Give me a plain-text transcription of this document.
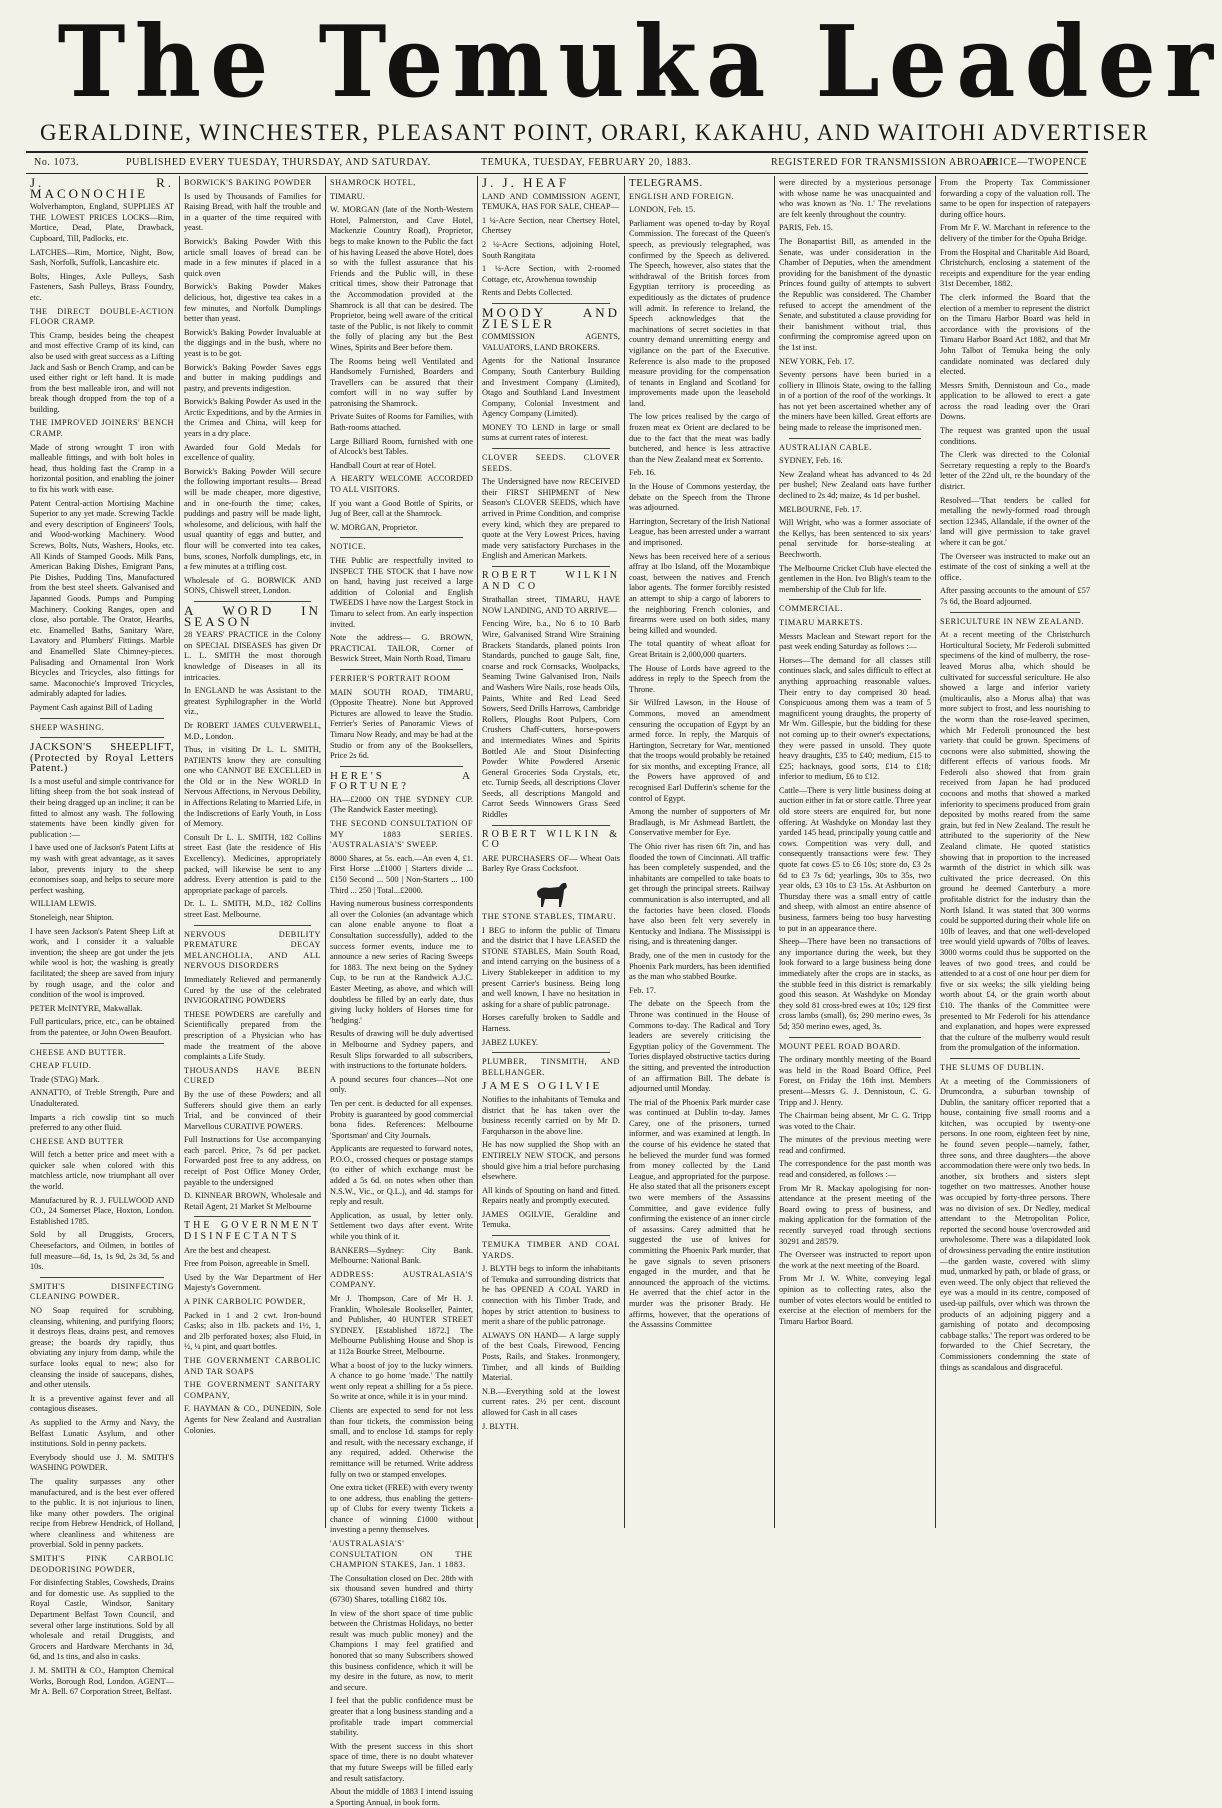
The Temuka Leader
GERALDINE, WINCHESTER, PLEASANT POINT, ORARI, KAKAHU, AND WAITOHI ADVERTISER
No. 1073.	PUBLISHED EVERY TUESDAY, THURSDAY, AND SATURDAY.	TEMUKA, TUESDAY, FEBRUARY 20, 1883.	REGISTERED FOR TRANSMISSION ABROAD.
PRICE—TWOPENCE

J. R. MACONOCHIE

Wolverhampton, England, SUPPLIES AT THE LOWEST PRICES LOCKS—Rim, Mortice, Dead, Plate, Drawback, Cupboard, Till, Padlocks, etc.

LATCHES—Rim, Mortice, Night, Bow, Sash, Norfolk, Suffolk, Lancashire etc.

Bolts, Hinges, Axle Pulleys, Sash Fasteners, Sash Pulleys, Brass Foundry, etc.

THE DIRECT DOUBLE-ACTION FLOOR CRAMP.

This Cramp, besides being the cheapest and most effective Cramp of its kind, can also be used with great success as a Lifting Jack and Sash or Bench Cramp, and can be used either right or left hand. It is made from the best malleable iron, and will not break though dropped from the top of a building.

THE IMPROVED JOINERS' BENCH CRAMP.

Made of strong wrought T iron with malleable fittings, and with bolt holes in head, thus holding fast the Cramp in a horizontal position, and enabling the joiner to fix his work with ease.

Patent Central-action Mortising Machine Superior to any yet made. Screwing Tackle and every description of Engineers' Tools, and Wood-working Machinery. Wood Screws, Bolts, Nuts, Washers, Hooks, etc. All Kinds of Stamped Goods. Milk Pans, American Baking Dishes, Emigrant Pans, Pie Dishes, Pudding Tins, Manufactured from the best steel sheets. Galvanised and Japanned Goods. Pumps and Pumping Machinery. Cooking Ranges, open and close, also portable. The Orator, Hearths, etc. Enamelled Baths, Sanitary Ware, Lavatory and Plumbers' Fittings. Marble and Enamelled Slate Chimney-pieces. Palisading and Ornamental Iron Work Bicycles and Tricycles, also fittings for same. Maconochie's Improved Tricycles, admirably adapted for ladies.

Payment Cash against Bill of Lading

SHEEP WASHING.

JACKSON'S SHEEPLIFT, (Protected by Royal Letters Patent.)

Is a most useful and simple contrivance for lifting sheep from the hot soak instead of their being dragged up an incline; it can be fitted to almost any wash. The following statements have been kindly given for publication :—

I have used one of Jackson's Patent Lifts at my wash with great advantage, as it saves labor, prevents injury to the sheep economises soap, and helps to secure more perfect washing.

WILLIAM LEWIS.

Stoneleigh, near Shipton.

I have seen Jackson's Patent Sheep Lift at work, and I consider it a valuable invention; the sheep are got under the jets while wool is hot; the washing is greatly facilitated; the sheep are saved from injury by rough usage, and the color and condition of the wool is improved.

PETER McINTYRE, Makwallak.

Full particulars, price, etc., can be obtained from the patentee, or John Owen Beaufort.

CHEESE AND BUTTER.

CHEAP FLUID.

Trade (STAG) Mark.

ANNATTO, of Treble Strength, Pure and Unadulterated.

Imparts a rich cowslip tint so much preferred to any other fluid.

CHEESE AND BUTTER

Will fetch a better price and meet with a quicker sale when colored with this matchless article, now triumphant all over the world.

Manufactured by R. J. FULLWOOD AND CO., 24 Somerset Place, Hoxton, London. Established 1785.

Sold by all Druggists, Grocers, Cheesefactors, and Oilmen, in bottles of full measure—6d, 1s, 1s 9d, 2s 3d, 5s and 10s.

SMITH'S DISINFECTING CLEANING POWDER.

NO Soap required for scrubbing, cleansing, whitening, and purifying floors; it destroys fleas, drains pest, and removes grease; the boards dry rapidly, thus obviating any injury from damp, while the surface looks equal to new; also for cleansing the inside of saucepans, dishes, and other utensils.

It is a preventive against fever and all contagious diseases.

As supplied to the Army and Navy, the Belfast Lunatic Asylum, and other institutions. Sold in penny packets.

Everybody should use J. M. SMITH'S WASHING POWDER.

The quality surpasses any other manufactured, and is the best ever offered to the public. It is not injurious to linen, like many other powders. The original recipe from Hebrew Hendrick, of Holland, where cleanliness and whiteness are proverbial. Sold in penny packets.

SMITH'S PINK CARBOLIC DEODORISING POWDER,

For disinfecting Stables, Cowsheds, Drains and for domestic use. As supplied to the Royal Castle, Windsor, Sanitary Department Belfast Town Council, and several other large institutions. Sold by all wholesale and retail Druggists, and Grocers and Hardware Merchants in 3d, 6d, and 1s tins, and also in casks.

J. M. SMITH & CO., Hampton Chemical Works, Borough Rod, London. AGENT—Mr A. Bell. 67 Corporation Street, Belfast.

BORWICK'S BAKING POWDER

Is used by Thousands of Families for Raising Bread, with half the trouble and in a quarter of the time required with yeast.

Borwick's Baking Powder With this article small loaves of bread can be made in a few minutes if placed in a quick oven

Borwick's Baking Powder Makes delicious, hot, digestive tea cakes in a few minutes, and Norfolk Dumplings better than yeast.

Borwick's Baking Powder Invaluable at the diggings and in the bush, where no yeast is to be got.

Borwick's Baking Powder Saves eggs and butter in making puddings and pastry, and prevents indigestion.

Borwick's Baking Powder As used in the Arctic Expeditions, and by the Armies in the Crimea and China, will keep for years in a dry place.

Awarded four Gold Medals for excellence of quality.

Borwick's Baking Powder Will secure the following important results— Bread will be made cheaper, more digestive, and in one-fourth the time; cakes, puddings and pastry will be made light, wholesome, and delicious, with half the usual quantity of eggs and butter, and flour will be converted into tea cakes, buns, scones, Norfolk dumplings, etc, in a few minutes at a trifling cost.

Wholesale of G. BORWICK AND SONS, Chiswell street, London.

A WORD IN SEASON

28 YEARS' PRACTICE in the Colony on SPECIAL DISEASES has given Dr L. L. SMITH the most thorough knowledge of Diseases in all its intricacies.

In ENGLAND he was Assistant to the greatest Syphilographer in the World viz.,

Dr ROBERT JAMES CULVERWELL, M.D., London.

Thus, in visiting Dr L. L. SMITH, PATIENTS know they are consulting one who CANNOT BE EXCELLED in the Old or in the New WORLD In Nervous Affections, in Nervous Debility, in Affections Relating to Married Life, in the Indiscretions of Early Youth, in Loss of Memory.

Consult Dr L. L. SMITH, 182 Collins street East (late the residence of His Excellency). Medicines, appropriately packed, will likewise be sent to any address. Every attention is paid to the appropriate package of parcels.

Dr. L. L. SMITH, M.D., 182 Collins street East. Melbourne.

NERVOUS DEBILITY PREMATURE DECAY MELANCHOLIA, AND ALL NERVOUS DISORDERS

Immediately Relieved and permanently Cured by the use of the celebrated INVIGORATING POWDERS

THESE POWDERS are carefully and Scientifically prepared from the prescription of a Physician who has made the treatment of the above complaints a Life Study.

THOUSANDS HAVE BEEN CURED

By the use of these Powders; and all Sufferers should give them an early Trial, and be convinced of their Marvellous CURATIVE POWERS.

Full Instructions for Use accompanying each parcel. Price, 7s 6d per packet. Forwarded post free to any address, on receipt of Post Office Money Order, payable to the undersigned

D. KINNEAR BROWN, Wholesale and Retail Agent, 21 Market St Melbourne

THE GOVERNMENT DISINFECTANTS

Are the best and cheapest.

Free from Poison, agreeable in Smell.

Used by the War Department of Her Majesty's Government.

A PINK CARBOLIC POWDER,

Packed in 1 and 2 cwt. Iron-bound Casks; also in 1lb. packets and 1½, 1, and 2lb perforated boxes; also Fluid, in ½, ¼ pint, and quart bottles.

THE GOVERNMENT CARBOLIC AND TAR SOAPS

THE GOVERNMENT SANITARY COMPANY,

F. HAYMAN & CO., DUNEDIN, Sole Agents for New Zealand and Australian Colonies.

SHAMROCK HOTEL,

TIMARU.

W. MORGAN (late of the North-Western Hotel, Palmerston, and Cave Hotel, Mackenzie Country Road), Proprietor, begs to make known to the Public the fact of his having Leased the above Hotel, does so with the fullest assurance that his Friends and the Public will, in these critical times, show their Patronage that the Accommodation provided at the Shamrock is all that can be desired. The Proprietor, being well aware of the critical taste of the Public, is not likely to commit the folly of placing any but the Best Wines, Spirits and Beer before them.

The Rooms being well Ventilated and Handsomely Furnished, Boarders and Travellers can be assured that their comfort will in no way suffer by patronising the Shamrock.

Private Suites of Rooms for Families, with Bath-rooms attached.

Large Billiard Room, furnished with one of Alcock's best Tables.

Handball Court at rear of Hotel.

A HEARTY WELCOME ACCORDED TO ALL VISITORS.

If you want a Good Bottle of Spirits, or Jug of Beer, call at the Shamrock.

W. MORGAN, Proprietor.

NOTICE.

THE Public are respectfully invited to INSPECT THE STOCK that I have now on hand, having just received a large addition of Colonial and English TWEEDS I have now the Largest Stock in Timaru to select from. An early inspection invited.

Note the address— G. BROWN, PRACTICAL TAILOR, Corner of Beswick Street, Main North Road, Timaru

FERRIER'S PORTRAIT ROOM

MAIN SOUTH ROAD, TIMARU, (Opposite Theatre). None but Approved Pictures are allowed to leave the Studio. Ferrier's Series of Panoramic Views of Timaru Now Ready, and may be had at the Studio or from any of the Booksellers, Price 2s 6d.

HERE'S A FORTUNE?

HA—£2000 ON THE SYDNEY CUP. (The Randwick Easter meeting).

THE SECOND CONSULTATION OF MY 1883 SERIES. 'AUSTRALASIA'S' SWEEP.

8000 Shares, at 5s. each.—An even 4, £1. First Horse ...£1000 | Starters divide ...£150 Second ... 500 | Non-Starters ... 100 Third ... 250 | Total...£2000.

Having numerous business correspondents all over the Colonies (an advantage which can alone enable anyone to float a Consultation successfully), added to the success former events, induce me to announce a new series of Racing Sweeps for 1883. The next being on the Sydney Cup, to be run at the Randwick A.J.C. Easter Meeting, as above, and which will doubtless be filled by an early date, thus giving lucky holders of Horses time for 'hedging.'

Results of drawing will be duly advertised in Melbourne and Sydney papers, and Result Slips forwarded to all subscribers, with instructions to the fortunate holders.

A pound secures four chances—Not one only.

Ten per cent. is deducted for all expenses. Probity is guaranteed by good commercial bona fides. References: Melbourne 'Sportsman' and City Journals.

Applicants are requested to forward notes, P.O.O., crossed cheques or postage stamps (to either of which exchange must be added a 5s 6d. on notes when other than N.S.W., Vic., or Q.L.), and 4d. stamps for reply and result.

Application, as usual, by letter only. Settlement two days after event. Write while you think of it.

BANKERS—Sydney: City Bank. Melbourne: National Bank.

ADDRESS: AUSTRALASIA'S COMPANY.

Mr J. Thompson, Care of Mr H. J. Franklin, Wholesale Bookseller, Painter, and Publisher, 40 HUNTER STREET SYDNEY. [Established 1872.] The Melbourne Publishing House and Shop is at 112a Bourke Street, Melbourne.

What a boost of joy to the lucky winners. A chance to go home 'made.' The nattily went only repeat a shilling for a 5s piece. So write at once, while it is in your mind.

Clients are expected to send for not less than four tickets, the commission being small, and to enclose 1d. stamps for reply and result, with the necessary exchange, if any required, added. Otherwise the remittance will be returned. Write address fully on two or stamped envelopes.

One extra ticket (FREE) with every twenty to one address, thus enabling the getters-up of Clubs for every twenty Tickets a chance of winning £1000 without investing a penny themselves.

'AUSTRALASIA'S' CONSULTATION ON THE CHAMPION STAKES, Jan. 1 1883.

The Consultation closed on Dec. 28th with six thousand seven hundred and thirty (6730) Shares, totalling £1682 10s.

In view of the short space of time public between the Christmas Holidays, no better result was much public money) and the Champions I may feel gratified and honored that so many Subscribers showed this business confidence, which it will be my desire in the future, as now, to merit and secure.

I feel that the public confidence must be greater that a long business standing and a profitable trade impart commercial stability.

With the present success in this short space of time, there is no doubt whatever that my future Sweeps will be filled early and result satisfactory.

About the middle of 1883 I intend issuing a Sporting Annual, in book form.

J. J. HEAF

LAND AND COMMISSION AGENT, TEMUKA, HAS FOR SALE, CHEAP—

1 ¼-Acre Section, near Chertsey Hotel, Chertsey

2 ¼-Acre Sections, adjoining Hotel, South Rangitata

1 ¼-Acre Section, with 2-roomed Cottage, etc, Arowhenua township

Rents and Debts Collected.

MOODY AND ZIESLER

COMMISSION AGENTS, VALUATORS, LAND BROKERS.

Agents for the National Insurance Company, South Canterbury Building and Investment Company (Limited), Otago and Southland Land Investment Company, Colonial Investment and Agency Company (Limited).

MONEY TO LEND in large or small sums at current rates of interest.

CLOVER SEEDS. CLOVER SEEDS.

The Undersigned have now RECEIVED their FIRST SHIPMENT of New Season's CLOVER SEEDS, which have arrived in Prime Condition, and comprise every kind, which they are prepared to quote at the Very Lowest Prices, having made very satisfactory Purchases in the English and American Markets.

ROBERT WILKIN AND CO

Strathallan street, TIMARU, HAVE NOW LANDING, AND TO ARRIVE—

Fencing Wire, b.a., No 6 to 10 Barb Wire, Galvanised Strand Wire Straining Brackets Standards, planed points Iron Standards, punched to gauge Salt, fine, coarse and rock Cornsacks, Woolpacks, Seaming Twine Galvanised Iron, Nails and Washers Wire Nails, rose heads Oils, Paints, White and Red Lead Seed Sowers, Seed Drills Harrows, Cambridge Rollers, Ploughs Root Pulpers, Corn Crushers Chaff-cutters, horse-powers and intermediates Wines and Spirits Bottled Ale and Stout Disinfecting Powder White Powdered Arsenic General Groceries Soda Crystals, etc, etc. Turnip Seeds, all descriptions Clover Seeds, all descriptions Mangold and Carrot Seeds Winnowers Grass Seed Riddles

ROBERT WILKIN & CO

ARE PURCHASERS OF— Wheat Oats Barley Rye Grass Cocksfoot.

THE STONE STABLES, TIMARU.

I BEG to inform the public of Timaru and the district that I have LEASED the STONE STABLES, Main South Road, and intend carrying on the business of a Livery Stablekeeper in addition to my present Carrier's business. Being long and well known, I have no hesitation in asking for a share of public patronage.

Horses carefully broken to Saddle and Harness.

JABEZ LUKEY.

PLUMBER, TINSMITH, AND BELLHANGER.

JAMES OGILVIE

Notifies to the inhabitants of Temuka and district that he has taken over the business recently carried on by Mr D. Farquharson in the above line.

He has now supplied the Shop with an ENTIRELY NEW STOCK, and persons should give him a trial before purchasing elsewhere.

All kinds of Spouting on hand and fitted. Repairs neatly and promptly executed.

JAMES OGILVIE, Geraldine and Temuka.

TEMUKA TIMBER AND COAL YARDS.

J. BLYTH begs to inform the inhabitants of Temuka and surrounding districts that he has OPENED A COAL YARD in connection with his Timber Trade, and hopes by strict attention to business to merit a share of the public patronage.

ALWAYS ON HAND— A large supply of the best Coals, Firewood, Fencing Posts, Rails, and Stakes. Ironmongery, Timber, and all kinds of Building Material.

N.B.—Everything sold at the lowest current rates. 2½ per cent. discount allowed for Cash in all cases

J. BLYTH.

TELEGRAMS.

ENGLISH AND FOREIGN.

LONDON, Feb. 15.

Parliament was opened to-day by Royal Commission. The forecast of the Queen's speech, as previously telegraphed, was confirmed by the Speech as delivered. The Speech, however, also states that the withdrawal of the British forces from Egyptian territory is proceeding as expeditiously as the dictates of prudence will admit. In reference to Ireland, the Speech acknowledges that the machinations of secret societies in that country demand unremitting energy and vigilance on the part of the Executive. Reference is also made to the proposed measure providing for the compensation of tenants in England and Scotland for improvements made upon the leasehold land.

The low prices realised by the cargo of frozen meat ex Orient are declared to be due to the fact that the meat was badly butchered, and hence is less attractive than the New Zealand meat ex Sorrento.

Feb. 16.

In the House of Commons yesterday, the debate on the Speech from the Throne was adjourned.

Harrington, Secretary of the Irish National League, has been arrested under a warrant and imprisoned.

News has been received here of a serious affray at Ibo Island, off the Mozambique coast, between the natives and French labor agents. The former forcibly resisted an attempt to ship a cargo of laborers to the neighboring French colonies, and firearms were used on both sides, many being killed and wounded.

The total quantity of wheat afloat for Great Britain is 2,000,000 quarters.

The House of Lords have agreed to the address in reply to the Speech from the Throne.

Sir Wilfred Lawson, in the House of Commons, moved an amendment censuring the occupation of Egypt by an armed force. In reply, the Marquis of Hartington, Secretary for War, mentioned that the troops would probably be retained for six months, and excepting France, all the Powers have approved of and recognised Earl Dufferin's scheme for the control of Egypt.

Among the number of supporters of Mr Bradlaugh, is Mr Ashmead Bartlett, the Conservative member for Eye.

The Ohio river has risen 6ft 7in, and has flooded the town of Cincinnati. All traffic has been completely suspended, and the inhabitants are compelled to take boats to get through the principal streets. Railway communication is also interrupted, and all the factories have been closed. Floods have also been felt very severely in Kentucky and Indiana. The Mississippi is rising, and is threatening danger.

Brady, one of the men in custody for the Phoenix Park murders, has been identified as the man who stabbed Bourke.

Feb. 17.

The debate on the Speech from the Throne was continued in the House of Commons to-day. The Radical and Tory leaders are severely criticising the Egyptian policy of the Government. The Tories displayed obstructive tactics during the sitting, and prevented the introduction of an affirmation Bill. The debate is adjourned until Monday.

The trial of the Phoenix Park murder case was continued at Dublin to-day. James Carey, one of the prisoners, turned informer, and was examined at length. In the course of his evidence he stated that he believed the murder fund was formed from money collected by the Land League, and appropriated for the purpose. He also stated that all the prisoners except two were members of the Assassins Committee, and gave evidence fully confirming the existence of an inner circle of assassins. Carey admitted that he suggested the use of knives for committing the Phoenix Park murder, that he gave signals to seven prisoners engaged in the murder, and that he announced the approach of the victims. He averred that the chief actor in the murder was the prisoner Brady. He affirms, however, that the operations of the Assassins Committee

were directed by a mysterious personage with whose name he was unacquainted and who was known as 'No. 1.' The revelations are felt keenly throughout the country.

PARIS, Feb. 15.

The Bonapartist Bill, as amended in the Senate, was under consideration in the Chamber of Deputies, when the amendment providing for the banishment of the dynastic Princes found guilty of attempts to subvert the Republic was considered. The Chamber refused to accept the amendment of the Senate, and substituted a clause providing for their banishment without trial, thus confirming the compromise agreed upon on the 1st inst.

NEW YORK, Feb. 17.

Seventy persons have been buried in a colliery in Illinois State, owing to the falling in of a portion of the roof of the workings. It has not yet been ascertained whether any of the miners have been killed. Great efforts are being made to release the imprisoned men.

AUSTRALIAN CABLE.

SYDNEY, Feb. 16.

New Zealand wheat has advanced to 4s 2d per bushel; New Zealand oats have further declined to 2s 4d; maize, 4s 1d per bushel.

MELBOURNE, Feb. 17.

Will Wright, who was a former associate of the Kellys, has been sentenced to six years' penal servitude for horse-stealing at Beechworth.

The Melbourne Cricket Club have elected the gentlemen in the Hon. Ivo Bligh's team to the membership of the Club for life.

COMMERCIAL.

TIMARU MARKETS.

Messrs Maclean and Stewart report for the past week ending Saturday as follows :—

Horses—The demand for all classes still continues slack, and sales difficult to effect at anything approaching reasonable values. Their entry to day comprised 30 head. Conspicuous among them was a team of 5 magnificent young draughts, the property of Mr Wm. Gillespie, but the bidding for these not coming up to their owner's expectations, they were passed in unsold. They quote heavy draughts, £35 to £40; medium, £15 to £25; hacknays, good sorts, £14 to £18; inferior to medium, £6 to £12.

Cattle—There is very little business doing at auction either in fat or store cattle. Three year old store steers are enquired for, but none offering. At Washdyke on Monday last they yarded 145 head, principally young cattle and cows. Competition was very dull, and consequently transactions were few. They quote fat cows £5 to £6 10s; store do, £3 2s 6d to £3 7s 6d; yearlings, 30s to 35s, two year olds, £3 10s to £3 15s. At Ashburton on Thursday there was a small entry of cattle and sheep, with almost an entire absence of business, farmers being too busy harvesting to put in an appearance there.

Sheep—There have been no transactions of any importance during the week, but they look forward to a large business being done immediately after the crops are in stacks, as the stubble feed in this district is remarkably good this season. At Washdyke on Monday they sold 81 cross-bred ewes at 10s; 129 first cross lambs (small), 6s; 290 merino ewes, 3s 5d; 350 merino ewes, aged, 3s.

MOUNT PEEL ROAD BOARD.

The ordinary monthly meeting of the Board was held in the Road Board Office, Peel Forest, on Friday the 16th inst. Members present—Messrs G. J. Dennistoun, C. G. Tripp and J. Henry.

The Chairman being absent, Mr C. G. Tripp was voted to the Chair.

The minutes of the previous meeting were read and confirmed.

The correspondence for the past month was read and considered, as follows :—

From Mr R. Mackay apologising for non-attendance at the present meeting of the Board owing to press of business, and making application for the formation of the recently surveyed road through sections 30291 and 28579.

The Overseer was instructed to report upon the work at the next meeting of the Board.

From Mr J. W. White, conveying legal opinion as to collecting rates, also the number of votes electors would be entitled to exercise at the election of members for the Timaru Harbor Board.

From the Property Tax Commissioner forwarding a copy of the valuation roll. The same to be open for inspection of ratepayers during office hours.

From Mr F. W. Marchant in reference to the delivery of the timber for the Opuha Bridge.

From the Hospital and Charitable Aid Board, Christchurch, enclosing a statement of the receipts and expenditure for the year ending 31st December, 1882.

The clerk informed the Board that the election of a member to represent the district on the Timaru Harbor Board was held in accordance with the provisions of the Timaru Harbor Board Act 1882, and that Mr John Talbot of Temuka being the only candidate nominated was declared duly elected.

Messrs Smith, Dennistoun and Co., made application to be allowed to erect a gate across the road leading over the Orari Downs.

The request was granted upon the usual conditions.

The Clerk was directed to the Colonial Secretary requesting a reply to the Board's letter of the 22nd ult, re the boundary of the district.

Resolved—'That tenders be called for metalling the newly-formed road through section 12345, Allandale, if the owner of the land will give permission to take gravel where it can be got.'

The Overseer was instructed to make out an estimate of the cost of sinking a well at the office.

After passing accounts to the amount of £57 7s 6d, the Board adjourned.

SERICULTURE IN NEW ZEALAND.

At a recent meeting of the Christchurch Horticultural Society, Mr Federoli submitted specimens of the kind of mulberry, the rose-leaved Morus alba, which should be cultivated for successful sericulture. He also showed a large and inferior variety (multicaulis, also a Morus alba) that was more subject to frost, and less nourishing to the worm than the rose-leaved specimen, which Mr Federoli pronounced the best variety that could be grown. Specimens of cocoons were also submitted, showing the different effects of various foods. Mr Federoli also showed that from grain received from Japan he had produced cocoons and moths that showed a marked inferiority to specimens produced from grain deposited by moths reared from the same grain, but fed in New Zealand. The result he attributed to the superiority of the New Zealand climate. He quoted statistics showing that in proportion to the increased warmth of the district in which silk was cultivated the price decreased. On this ground he deemed Canterbury a more profitable district for the industry than the North Island. It was stated that 300 worms could be supported during their whole life on 10lb of leaves, and that one well-developed tree would yield upwards of 70lbs of leaves. 3000 worms could thus be supported on the leaves of two good trees, and could be attended to at a cost of one hour per diem for five or six weeks; the silk yielding being worth about £4, or the grain worth about £10. The thanks of the Committee were presented to Mr Federoli for his attendance and explanation, and hopes were expressed that the culture of the mulberry would result from the promulgation of the information.

THE SLUMS OF DUBLIN.

At a meeting of the Commissioners of Drumcondra, a suburban township of Dublin, the sanitary officer reported that a house, containing five small rooms and a kitchen, was occupied by twenty-one persons. In one room, eighteen feet by nine, he found seven people—namely, father, three sons, and three daughters—the above accommodation there were only two beds. In another, six brothers and sisters slept together on two mattresses. Another house was occupied by forty-three persons. There was no division of sex. Dr Nedley, medical attendant to the Metropolitan Police, reported the second house 'overcrowded and unwholesome. There was a dilapidated look of drowsiness pervading the entire institution—the garden waste, covered with slimy mud, unmarked by path, or blade of grass, or even weed. The only object that relieved the eye was a mould in its centre, composed of used-up pailfuls, over which was thrown the products of an adjoining piggery and a garnishing of potato and decomposing cabbage stalks.' The report was ordered to be forwarded to the Chief Secretary, the Commissioners condemning the state of things as scandalous and disgraceful.
